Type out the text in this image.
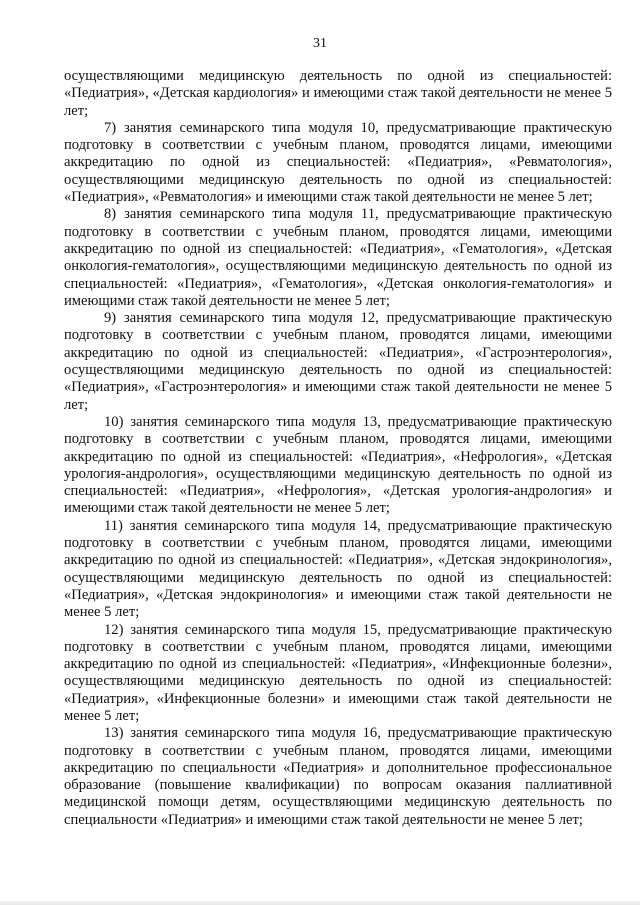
31

осуществляющими медицинскую деятельность по одной из специальностей: «Педиатрия», «Детская кардиология» и имеющими стаж такой деятельности не менее 5 лет;

7) занятия семинарского типа модуля 10, предусматривающие практическую подготовку в соответствии с учебным планом, проводятся лицами, имеющими аккредитацию по одной из специальностей: «Педиатрия», «Ревматология», осуществляющими медицинскую деятельность по одной из специальностей: «Педиатрия», «Ревматология» и имеющими стаж такой деятельности не менее 5 лет;

8) занятия семинарского типа модуля 11, предусматривающие практическую подготовку в соответствии с учебным планом, проводятся лицами, имеющими аккредитацию по одной из специальностей: «Педиатрия», «Гематология», «Детская онкология-гематология», осуществляющими медицинскую деятельность по одной из специальностей: «Педиатрия», «Гематология», «Детская онкология-гематология» и имеющими стаж такой деятельности не менее 5 лет;

9) занятия семинарского типа модуля 12, предусматривающие практическую подготовку в соответствии с учебным планом, проводятся лицами, имеющими аккредитацию по одной из специальностей: «Педиатрия», «Гастроэнтерология», осуществляющими медицинскую деятельность по одной из специальностей: «Педиатрия», «Гастроэнтерология» и имеющими стаж такой деятельности не менее 5 лет;

10) занятия семинарского типа модуля 13, предусматривающие практическую подготовку в соответствии с учебным планом, проводятся лицами, имеющими аккредитацию по одной из специальностей: «Педиатрия», «Нефрология», «Детская урология-андрология», осуществляющими медицинскую деятельность по одной из специальностей: «Педиатрия», «Нефрология», «Детская урология-андрология» и имеющими стаж такой деятельности не менее 5 лет;

11) занятия семинарского типа модуля 14, предусматривающие практическую подготовку в соответствии с учебным планом, проводятся лицами, имеющими аккредитацию по одной из специальностей: «Педиатрия», «Детская эндокринология», осуществляющими медицинскую деятельность по одной из специальностей: «Педиатрия», «Детская эндокринология» и имеющими стаж такой деятельности не менее 5 лет;

12) занятия семинарского типа модуля 15, предусматривающие практическую подготовку в соответствии с учебным планом, проводятся лицами, имеющими аккредитацию по одной из специальностей: «Педиатрия», «Инфекционные болезни», осуществляющими медицинскую деятельность по одной из специальностей: «Педиатрия», «Инфекционные болезни» и имеющими стаж такой деятельности не менее 5 лет;

13) занятия семинарского типа модуля 16, предусматривающие практическую подготовку в соответствии с учебным планом, проводятся лицами, имеющими аккредитацию по специальности «Педиатрия» и дополнительное профессиональное образование (повышение квалификации) по вопросам оказания паллиативной медицинской помощи детям, осуществляющими медицинскую деятельность по специальности «Педиатрия» и имеющими стаж такой деятельности не менее 5 лет;
